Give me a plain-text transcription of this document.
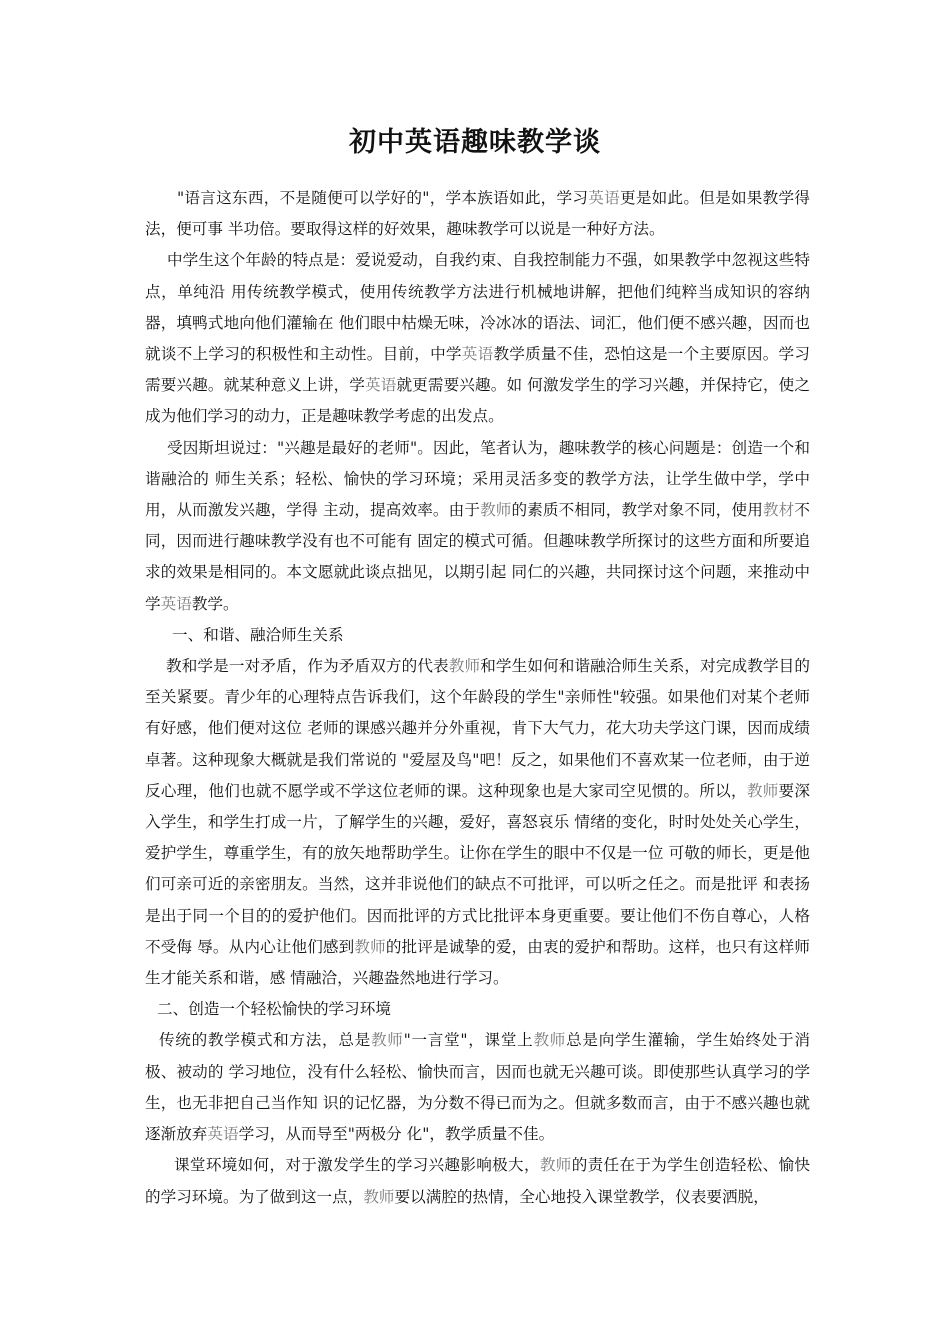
初中英语趣味教学谈

"语言这东西，不是随便可以学好的"，学本族语如此，学习英语更是如此。但是如果教学得法，便可事 半功倍。要取得这样的好效果，趣味教学可以说是一种好方法。

中学生这个年龄的特点是：爱说爱动，自我约束、自我控制能力不强，如果教学中忽视这些特点，单纯沿 用传统教学模式，使用传统教学方法进行机械地讲解，把他们纯粹当成知识的容纳器，填鸭式地向他们灌输在 他们眼中枯燥无味，冷冰冰的语法、词汇，他们便不感兴趣，因而也就谈不上学习的积极性和主动性。目前，中学英语教学质量不佳，恐怕这是一个主要原因。学习需要兴趣。就某种意义上讲，学英语就更需要兴趣。如 何激发学生的学习兴趣，并保持它，使之成为他们学习的动力，正是趣味教学考虑的出发点。

受因斯坦说过："兴趣是最好的老师"。因此，笔者认为，趣味教学的核心问题是：创造一个和谐融洽的 师生关系；轻松、愉快的学习环境；采用灵活多变的教学方法，让学生做中学，学中用，从而激发兴趣，学得 主动，提高效率。由于教师的素质不相同，教学对象不同，使用教材不同，因而进行趣味教学没有也不可能有 固定的模式可循。但趣味教学所探讨的这些方面和所要追求的效果是相同的。本文愿就此谈点拙见，以期引起 同仁的兴趣，共同探讨这个问题，来推动中学英语教学。

一、和谐、融洽师生关系

教和学是一对矛盾，作为矛盾双方的代表教师和学生如何和谐融洽师生关系，对完成教学目的至关紧要。青少年的心理特点告诉我们，这个年龄段的学生"亲师性"较强。如果他们对某个老师有好感，他们便对这位 老师的课感兴趣并分外重视，肯下大气力，花大功夫学这门课，因而成绩卓著。这种现象大概就是我们常说的 "爱屋及鸟"吧！反之，如果他们不喜欢某一位老师，由于逆反心理，他们也就不愿学或不学这位老师的课。这种现象也是大家司空见惯的。所以，教师要深入学生，和学生打成一片，了解学生的兴趣，爱好，喜怒哀乐 情绪的变化，时时处处关心学生，爱护学生，尊重学生，有的放矢地帮助学生。让你在学生的眼中不仅是一位 可敬的师长，更是他们可亲可近的亲密朋友。当然，这并非说他们的缺点不可批评，可以听之任之。而是批评 和表扬是出于同一个目的的爱护他们。因而批评的方式比批评本身更重要。要让他们不伤自尊心，人格不受侮 辱。从内心让他们感到教师的批评是诚挚的爱，由衷的爱护和帮助。这样，也只有这样师生才能关系和谐，感 情融洽，兴趣盎然地进行学习。

二、创造一个轻松愉快的学习环境

传统的教学模式和方法，总是教师"一言堂"，课堂上教师总是向学生灌输，学生始终处于消极、被动的 学习地位，没有什么轻松、愉快而言，因而也就无兴趣可谈。即使那些认真学习的学生，也无非把自己当作知 识的记忆器，为分数不得已而为之。但就多数而言，由于不感兴趣也就逐渐放弃英语学习，从而导至"两极分 化"，教学质量不佳。

课堂环境如何，对于激发学生的学习兴趣影响极大，教师的责任在于为学生创造轻松、愉快的学习环境。为了做到这一点，教师要以满腔的热情，全心地投入课堂教学，仪表要洒脱，
